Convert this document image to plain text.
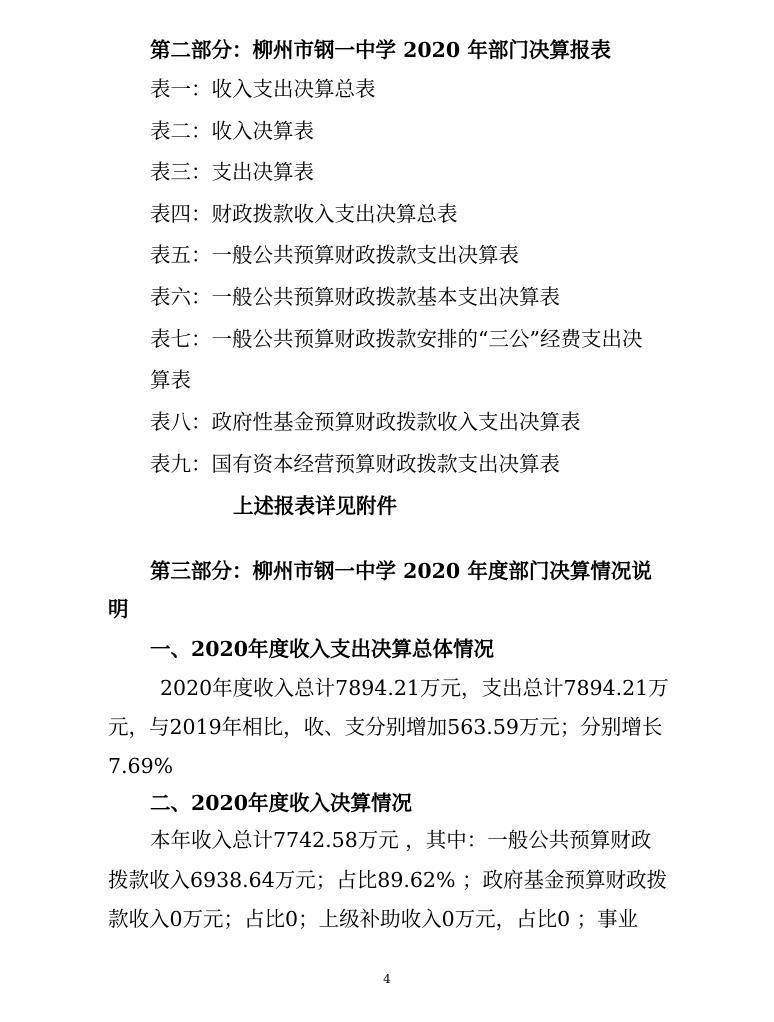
第二部分：柳州市钢一中学 2020 年部门决算报表
表一：收入支出决算总表
表二：收入决算表
表三：支出决算表
表四：财政拨款收入支出决算总表
表五：一般公共预算财政拨款支出决算表
表六：一般公共预算财政拨款基本支出决算表
表七：一般公共预算财政拨款安排的“三公”经费支出决
算表
表八：政府性基金预算财政拨款收入支出决算表
表九：国有资本经营预算财政拨款支出决算表
上述报表详见附件
第三部分：柳州市钢一中学 2020 年度部门决算情况说
明
一、2020年度收入支出决算总体情况
2020年度收入总计7894.21万元，支出总计7894.21万
元，与2019年相比，收、支分别增加563.59万元；分别增长
7.69%
二、2020年度收入决算情况
本年收入总计7742.58万元 ，其中：一般公共预算财政
拨款收入6938.64万元；占比89.62% ；政府基金预算财政拨
款收入0万元；占比0；上级补助收入0万元，占比0 ；事业
4
